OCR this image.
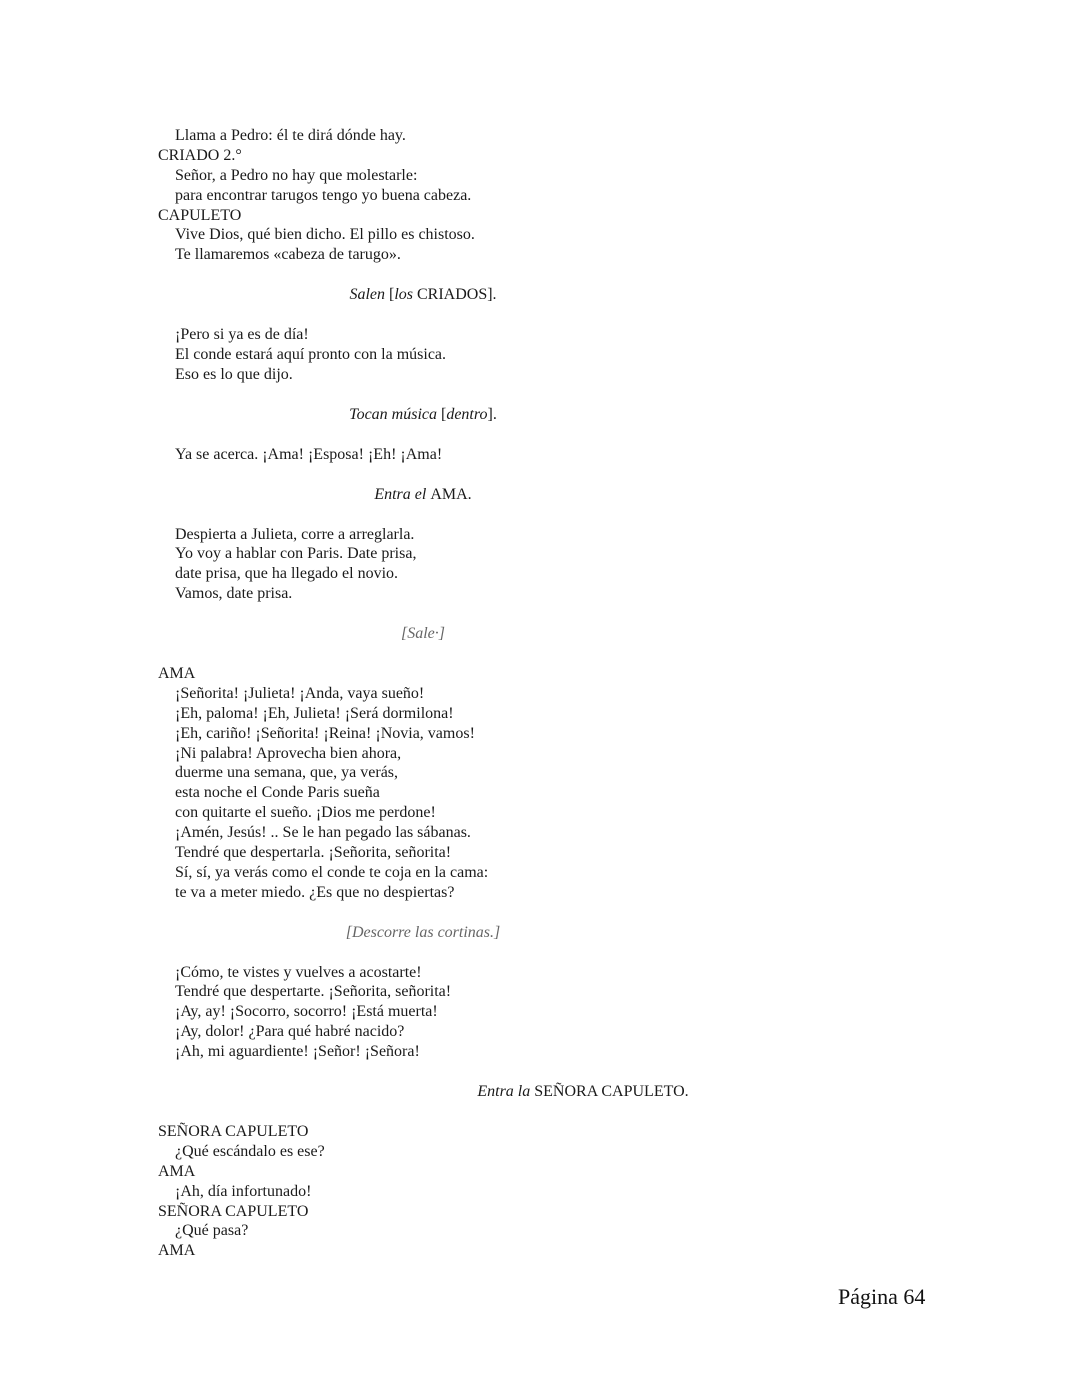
Llama a Pedro: él te dirá dónde hay.
CRIADO 2.°
Señor, a Pedro no hay que molestarle:
para encontrar tarugos tengo yo buena cabeza.
CAPULETO
Vive Dios, qué bien dicho. El pillo es chistoso.
Te llamaremos «cabeza de tarugo».
Salen [los CRIADOS].
¡Pero si ya es de día!
El conde estará aquí pronto con la música.
Eso es lo que dijo.
Tocan música [dentro].
Ya se acerca. ¡Ama! ¡Esposa! ¡Eh! ¡Ama!
Entra el AMA.
Despierta a Julieta, corre a arreglarla.
Yo voy a hablar con Paris. Date prisa,
date prisa, que ha llegado el novio.
Vamos, date prisa.
[Sale·]
AMA
¡Señorita! ¡Julieta! ¡Anda, vaya sueño!
¡Eh, paloma! ¡Eh, Julieta! ¡Será dormilona!
¡Eh, cariño! ¡Señorita! ¡Reina! ¡Novia, vamos!
¡Ni palabra! Aprovecha bien ahora,
duerme una semana, que, ya verás,
esta noche el Conde Paris sueña
con quitarte el sueño. ¡Dios me perdone!
¡Amén, Jesús! .. Se le han pegado las sábanas.
Tendré que despertarla. ¡Señorita, señorita!
Sí, sí, ya verás como el conde te coja en la cama:
te va a meter miedo. ¿Es que no despiertas?
[Descorre las cortinas.]
¡Cómo, te vistes y vuelves a acostarte!
Tendré que despertarte. ¡Señorita, señorita!
¡Ay, ay! ¡Socorro, socorro! ¡Está muerta!
¡Ay, dolor! ¿Para qué habré nacido?
¡Ah, mi aguardiente! ¡Señor! ¡Señora!
Entra la SEÑORA CAPULETO.
SEÑORA CAPULETO
¿Qué escándalo es ese?
AMA
¡Ah, día infortunado!
SEÑORA CAPULETO
¿Qué pasa?
AMA
Página 64
